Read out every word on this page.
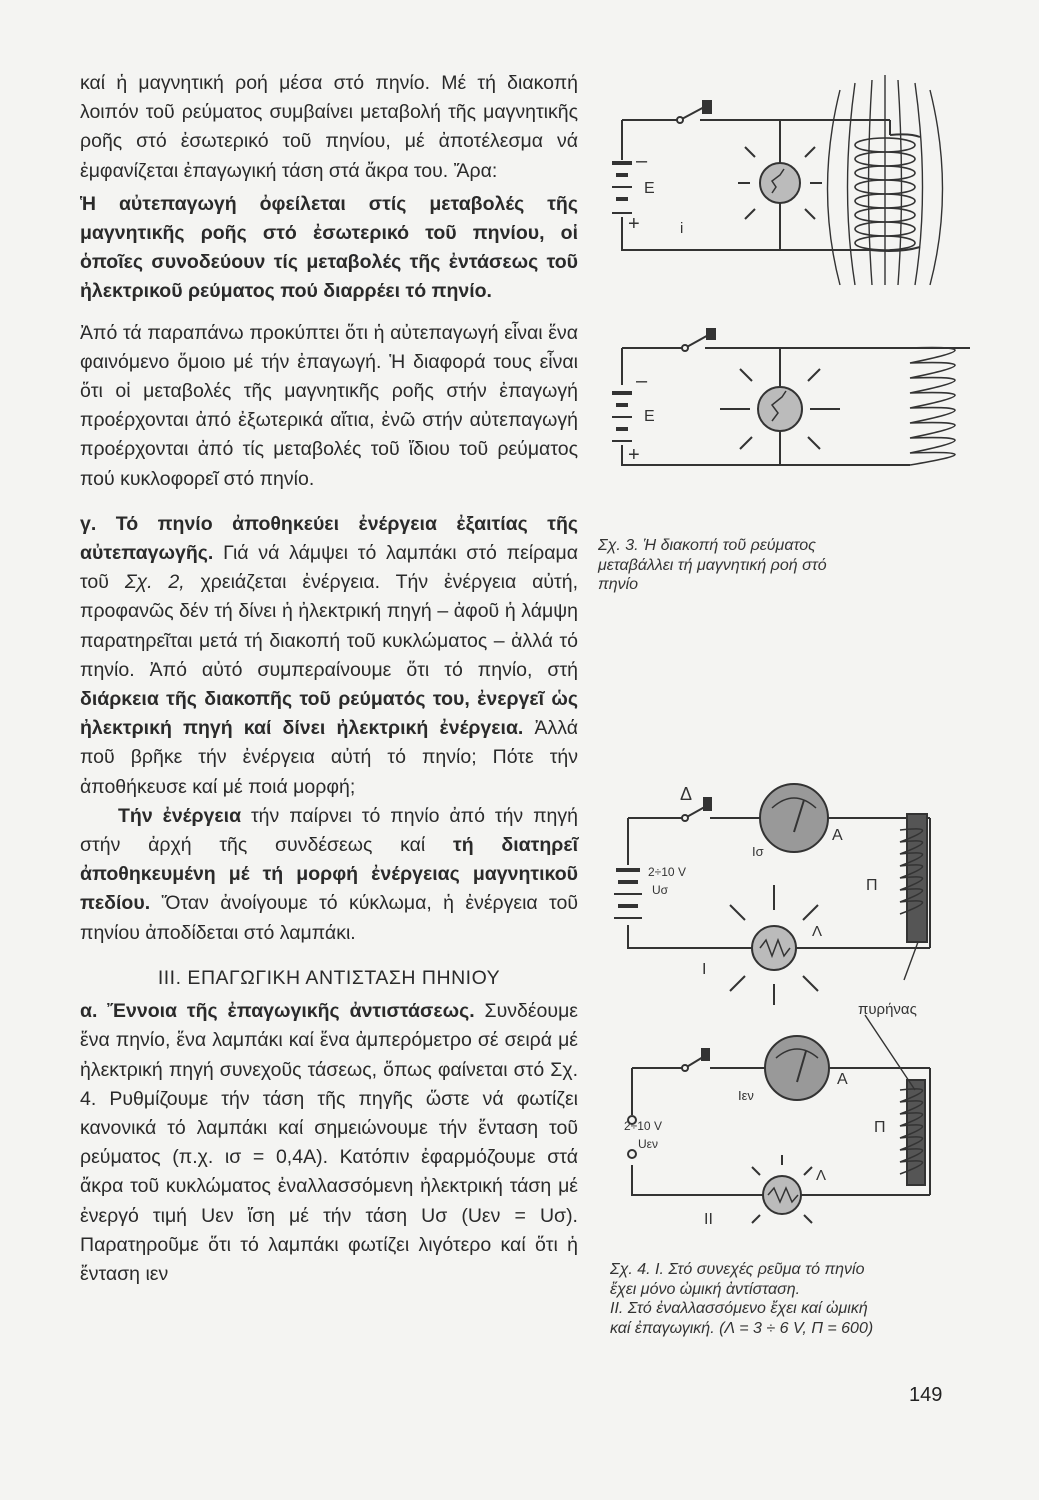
καί ἡ μαγνητική ροή μέσα στό πηνίο. Μέ τή διακοπή λοιπόν τοῦ ρεύματος συμβαίνει μεταβολή τῆς μαγνητικῆς ροῆς στό ἐσωτερικό τοῦ πηνίου, μέ ἀποτέλεσμα νά ἐμφανίζεται ἐπαγωγική τάση στά ἄκρα του. Ἄρα:

Ἡ αὐτεπαγωγή ὀφείλεται στίς μεταβολές τῆς μαγνητικῆς ροῆς στό ἐσωτερικό τοῦ πηνίου, οἱ ὁποῖες συνοδεύουν τίς μεταβολές τῆς ἐντάσεως τοῦ ἠλεκτρικοῦ ρεύματος πού διαρρέει τό πηνίο.

Ἀπό τά παραπάνω προκύπτει ὅτι ἡ αὐτεπαγωγή εἶναι ἕνα φαινόμενο ὅμοιο μέ τήν ἐπαγωγή. Ἡ διαφορά τους εἶναι ὅτι οἱ μεταβολές τῆς μαγνητικῆς ροῆς στήν ἐπαγωγή προέρχονται ἀπό ἐξωτερικά αἴτια, ἐνῶ στήν αὐτεπαγωγή προέρχονται ἀπό τίς μεταβολές τοῦ ἴδιου τοῦ ρεύματος πού κυκλοφορεῖ στό πηνίο.

γ. Τό πηνίο ἀποθηκεύει ἐνέργεια ἐξαιτίας τῆς αὐτεπαγωγῆς. Γιά νά λάμψει τό λαμπάκι στό πείραμα τοῦ Σχ. 2, χρειάζεται ἐνέργεια. Τήν ἐνέργεια αὐτή, προφανῶς δέν τή δίνει ἡ ἠλεκτρική πηγή – ἀφοῦ ἡ λάμψη παρατηρεῖται μετά τή διακοπή τοῦ κυκλώματος – ἀλλά τό πηνίο. Ἀπό αὐτό συμπεραίνουμε ὅτι τό πηνίο, στή διάρκεια τῆς διακοπῆς τοῦ ρεύματός του, ἐνεργεῖ ὡς ἠλεκτρική πηγή καί δίνει ἠλεκτρική ἐνέργεια. Ἀλλά ποῦ βρῆκε τήν ἐνέργεια αὐτή τό πηνίο; Πότε τήν ἀποθήκευσε καί μέ ποιά μορφή;

Τήν ἐνέργεια τήν παίρνει τό πηνίο ἀπό τήν πηγή στήν ἀρχή τῆς συνδέσεως καί τή διατηρεῖ ἀποθηκευμένη μέ τή μορφή ἐνέργειας μαγνητικοῦ πεδίου. Ὅταν ἀνοίγουμε τό κύκλωμα, ἡ ἐνέργεια τοῦ πηνίου ἀποδίδεται στό λαμπάκι.

ΙΙΙ. ΕΠΑΓΩΓΙΚΗ ΑΝΤΙΣΤΑΣΗ ΠΗΝΙΟΥ

α. Ἔννοια τῆς ἐπαγωγικῆς ἀντιστάσεως. Συνδέουμε ἕνα πηνίο, ἕνα λαμπάκι καί ἕνα ἀμπερόμετρο σέ σειρά μέ ἠλεκτρική πηγή συνεχοῦς τάσεως, ὅπως φαίνεται στό Σχ. 4. Ρυθμίζουμε τήν τάση τῆς πηγῆς ὥστε νά φωτίζει κανονικά τό λαμπάκι καί σημειώνουμε τήν ἔνταση τοῦ ρεύματος (π.χ. ισ = 0,4Α). Κατόπιν ἐφαρμόζουμε στά ἄκρα τοῦ κυκλώματος ἐναλλασσόμενη ἠλεκτρική τάση μέ ἐνεργό τιμή Uεν ἴση μέ τήν τάση Uσ (Uεν = Uσ). Παρατηροῦμε ὅτι τό λαμπάκι φωτίζει λιγότερο καί ὅτι ἡ ἔνταση ιεν

–
E
+	i
–
E
+
Σχ. 3. Ἡ διακοπή τοῦ ρεύματος
μεταβάλλει τή μαγνητική ροή στό
πηνίο
Δ
A
Iσ
2÷10 V
Uσ	Π
Λ
I
πυρήνας
A
Iεν
2÷10 V
Uεν
Π
Λ
II
Σχ. 4. Ι. Στό συνεχές ρεῦμα τό πηνίο
ἔχει μόνο ὠμική ἀντίσταση.
ΙΙ. Στό ἐναλλασσόμενο ἔχει καί ὠμική
καί ἐπαγωγική. (Λ = 3 ÷ 6 V, Π = 600)
149
